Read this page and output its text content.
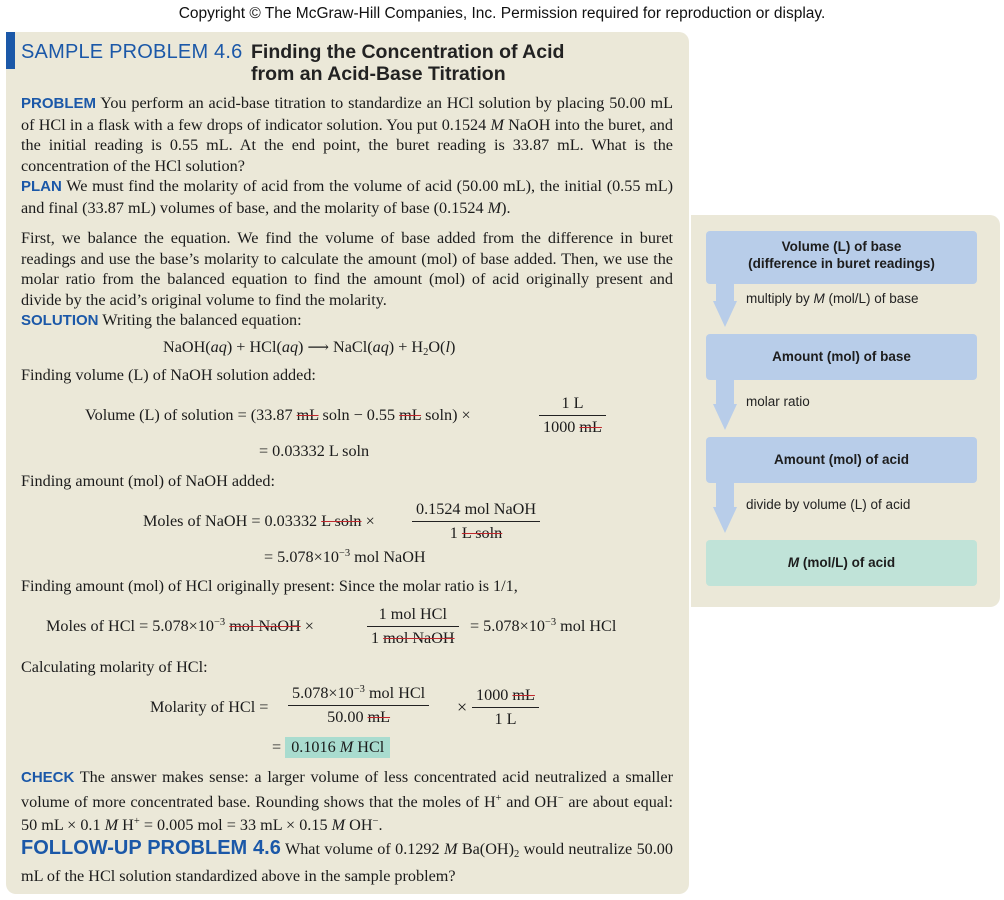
Copyright © The McGraw-Hill Companies, Inc. Permission required for reproduction or display.
SAMPLE PROBLEM 4.6 Finding the Concentration of Acid
from an Acid-Base Titration
PROBLEM You perform an acid-base titration to standardize an HCl solution by placing 50.00 mL of HCl in a flask with a few drops of indicator solution. You put 0.1524 M NaOH into the buret, and the initial reading is 0.55 mL. At the end point, the buret reading is 33.87 mL. What is the concentration of the HCl solution?
PLAN We must find the molarity of acid from the volume of acid (50.00 mL), the initial (0.55 mL) and final (33.87 mL) volumes of base, and the molarity of base (0.1524 M).
First, we balance the equation. We find the volume of base added from the difference in buret readings and use the base’s molarity to calculate the amount (mol) of base added. Then, we use the molar ratio from the balanced equation to find the amount (mol) of acid originally present and divide by the acid’s original volume to find the molarity.
SOLUTION Writing the balanced equation:
NaOH(aq) + HCl(aq) ⟶ NaCl(aq) + $H_2O(l)$
Finding volume (L) of NaOH solution added:
Volume (L) of solution = (33.87 mL soln − 0.55 mL soln) ×	$\frac{1 L}{1000 mL}$
= 0.03332 L soln
Finding amount (mol) of NaOH added:
Moles of NaOH = 0.03332 L soln ×
0.1524 mol NaOH
1 L soln
= $5.078\times 10^{-3}$ mol NaOH
Finding amount (mol) of HCl originally present: Since the molar ratio is 1/1,
Moles of HCl = $5.078\times 10^{-3}$ mol NaOH ×
1 mol HCl
1 mol NaOH
= $5.078\times 10^{-3}$ mol HCl
Calculating molarity of HCl:
Molarity of HCl =
$5.078\times 10^{-3}$ mol HCl
50.00 mL	× $\frac{1000 mL}{1 L}$
= 0.1016 M HCl
CHECK The answer makes sense: a larger volume of less concentrated acid neutralized a smaller volume of more concentrated base. Rounding shows that the moles of H+ and OH− are about equal: 50 mL × 0.1 M H+ = 0.005 mol = 33 mL × 0.15 M OH−.
FOLLOW-UP PROBLEM 4.6 What volume of 0.1292 M $Ba(OH)_2$ would neutralize 50.00 mL of the HCl solution standardized above in the sample problem?
Volume (L) of base
(difference in buret readings)
multiply by M (mol/L) of base
Amount (mol) of base
molar ratio
Amount (mol) of acid
divide by volume (L) of acid
M (mol/L) of acid
